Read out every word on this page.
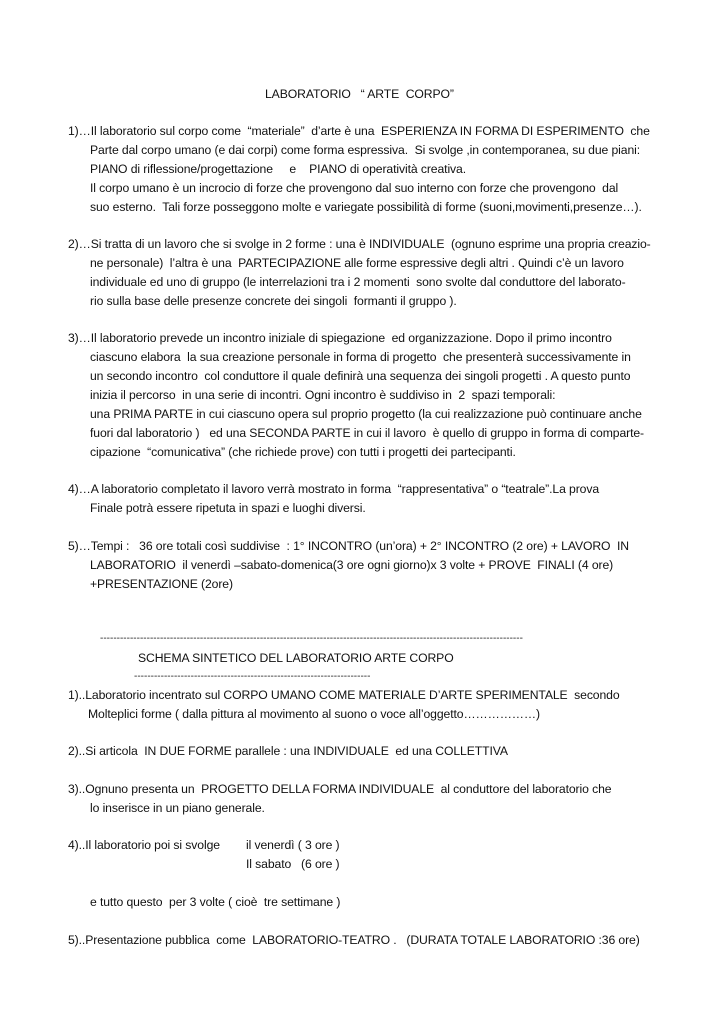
LABORATORIO   “ ARTE  CORPO”
1)…Il laboratorio sul corpo come  “materiale”  d’arte è una  ESPERIENZA IN FORMA DI ESPERIMENTO  che
Parte dal corpo umano (e dai corpi) come forma espressiva.  Si svolge ,in contemporanea, su due piani:
PIANO di riflessione/progettazione     e    PIANO di operatività creativa.
Il corpo umano è un incrocio di forze che provengono dal suo interno con forze che provengono  dal
suo esterno.  Tali forze posseggono molte e variegate possibilità di forme (suoni,movimenti,presenze…).
2)…Si tratta di un lavoro che si svolge in 2 forme : una è INDIVIDUALE  (ognuno esprime una propria creazio-
ne personale)  l’altra è una  PARTECIPAZIONE alle forme espressive degli altri . Quindi c’è un lavoro
individuale ed uno di gruppo (le interrelazioni tra i 2 momenti  sono svolte dal conduttore del laborato-
rio sulla base delle presenze concrete dei singoli  formanti il gruppo ).
3)…Il laboratorio prevede un incontro iniziale di spiegazione  ed organizzazione. Dopo il primo incontro
ciascuno elabora  la sua creazione personale in forma di progetto  che presenterà successivamente in
un secondo incontro  col conduttore il quale definirà una sequenza dei singoli progetti . A questo punto
inizia il percorso  in una serie di incontri. Ogni incontro è suddiviso in  2  spazi temporali:
una PRIMA PARTE in cui ciascuno opera sul proprio progetto (la cui realizzazione può continuare anche
fuori dal laboratorio )   ed una SECONDA PARTE in cui il lavoro  è quello di gruppo in forma di comparte-
cipazione  “comunicativa” (che richiede prove) con tutti i progetti dei partecipanti.
4)…A laboratorio completato il lavoro verrà mostrato in forma  “rappresentativa” o “teatrale”.La prova
Finale potrà essere ripetuta in spazi e luoghi diversi.
5)…Tempi :   36 ore totali così suddivise  : 1° INCONTRO (un’ora) + 2° INCONTRO (2 ore) + LAVORO  IN
LABORATORIO  il venerdì –sabato-domenica(3 ore ogni giorno)x 3 volte + PROVE  FINALI (4 ore)
+PRESENTAZIONE (2ore)
-------------------------------------------------------------------------------------------------------------------------------
SCHEMA SINTETICO DEL LABORATORIO ARTE CORPO
-----------------------------------------------------------------------
1)..Laboratorio incentrato sul CORPO UMANO COME MATERIALE D’ARTE SPERIMENTALE  secondo
Molteplici forme ( dalla pittura al movimento al suono o voce all’oggetto………………)
2)..Si articola  IN DUE FORME parallele : una INDIVIDUALE  ed una COLLETTIVA
3)..Ognuno presenta un  PROGETTO DELLA FORMA INDIVIDUALE  al conduttore del laboratorio che
lo inserisce in un piano generale.
4)..Il laboratorio poi si svolge il venerdì ( 3 ore )
Il sabato   (6 ore )
e tutto questo  per 3 volte ( cioè  tre settimane )
5)..Presentazione pubblica  come  LABORATORIO-TEATRO .   (DURATA TOTALE LABORATORIO :36 ore)
